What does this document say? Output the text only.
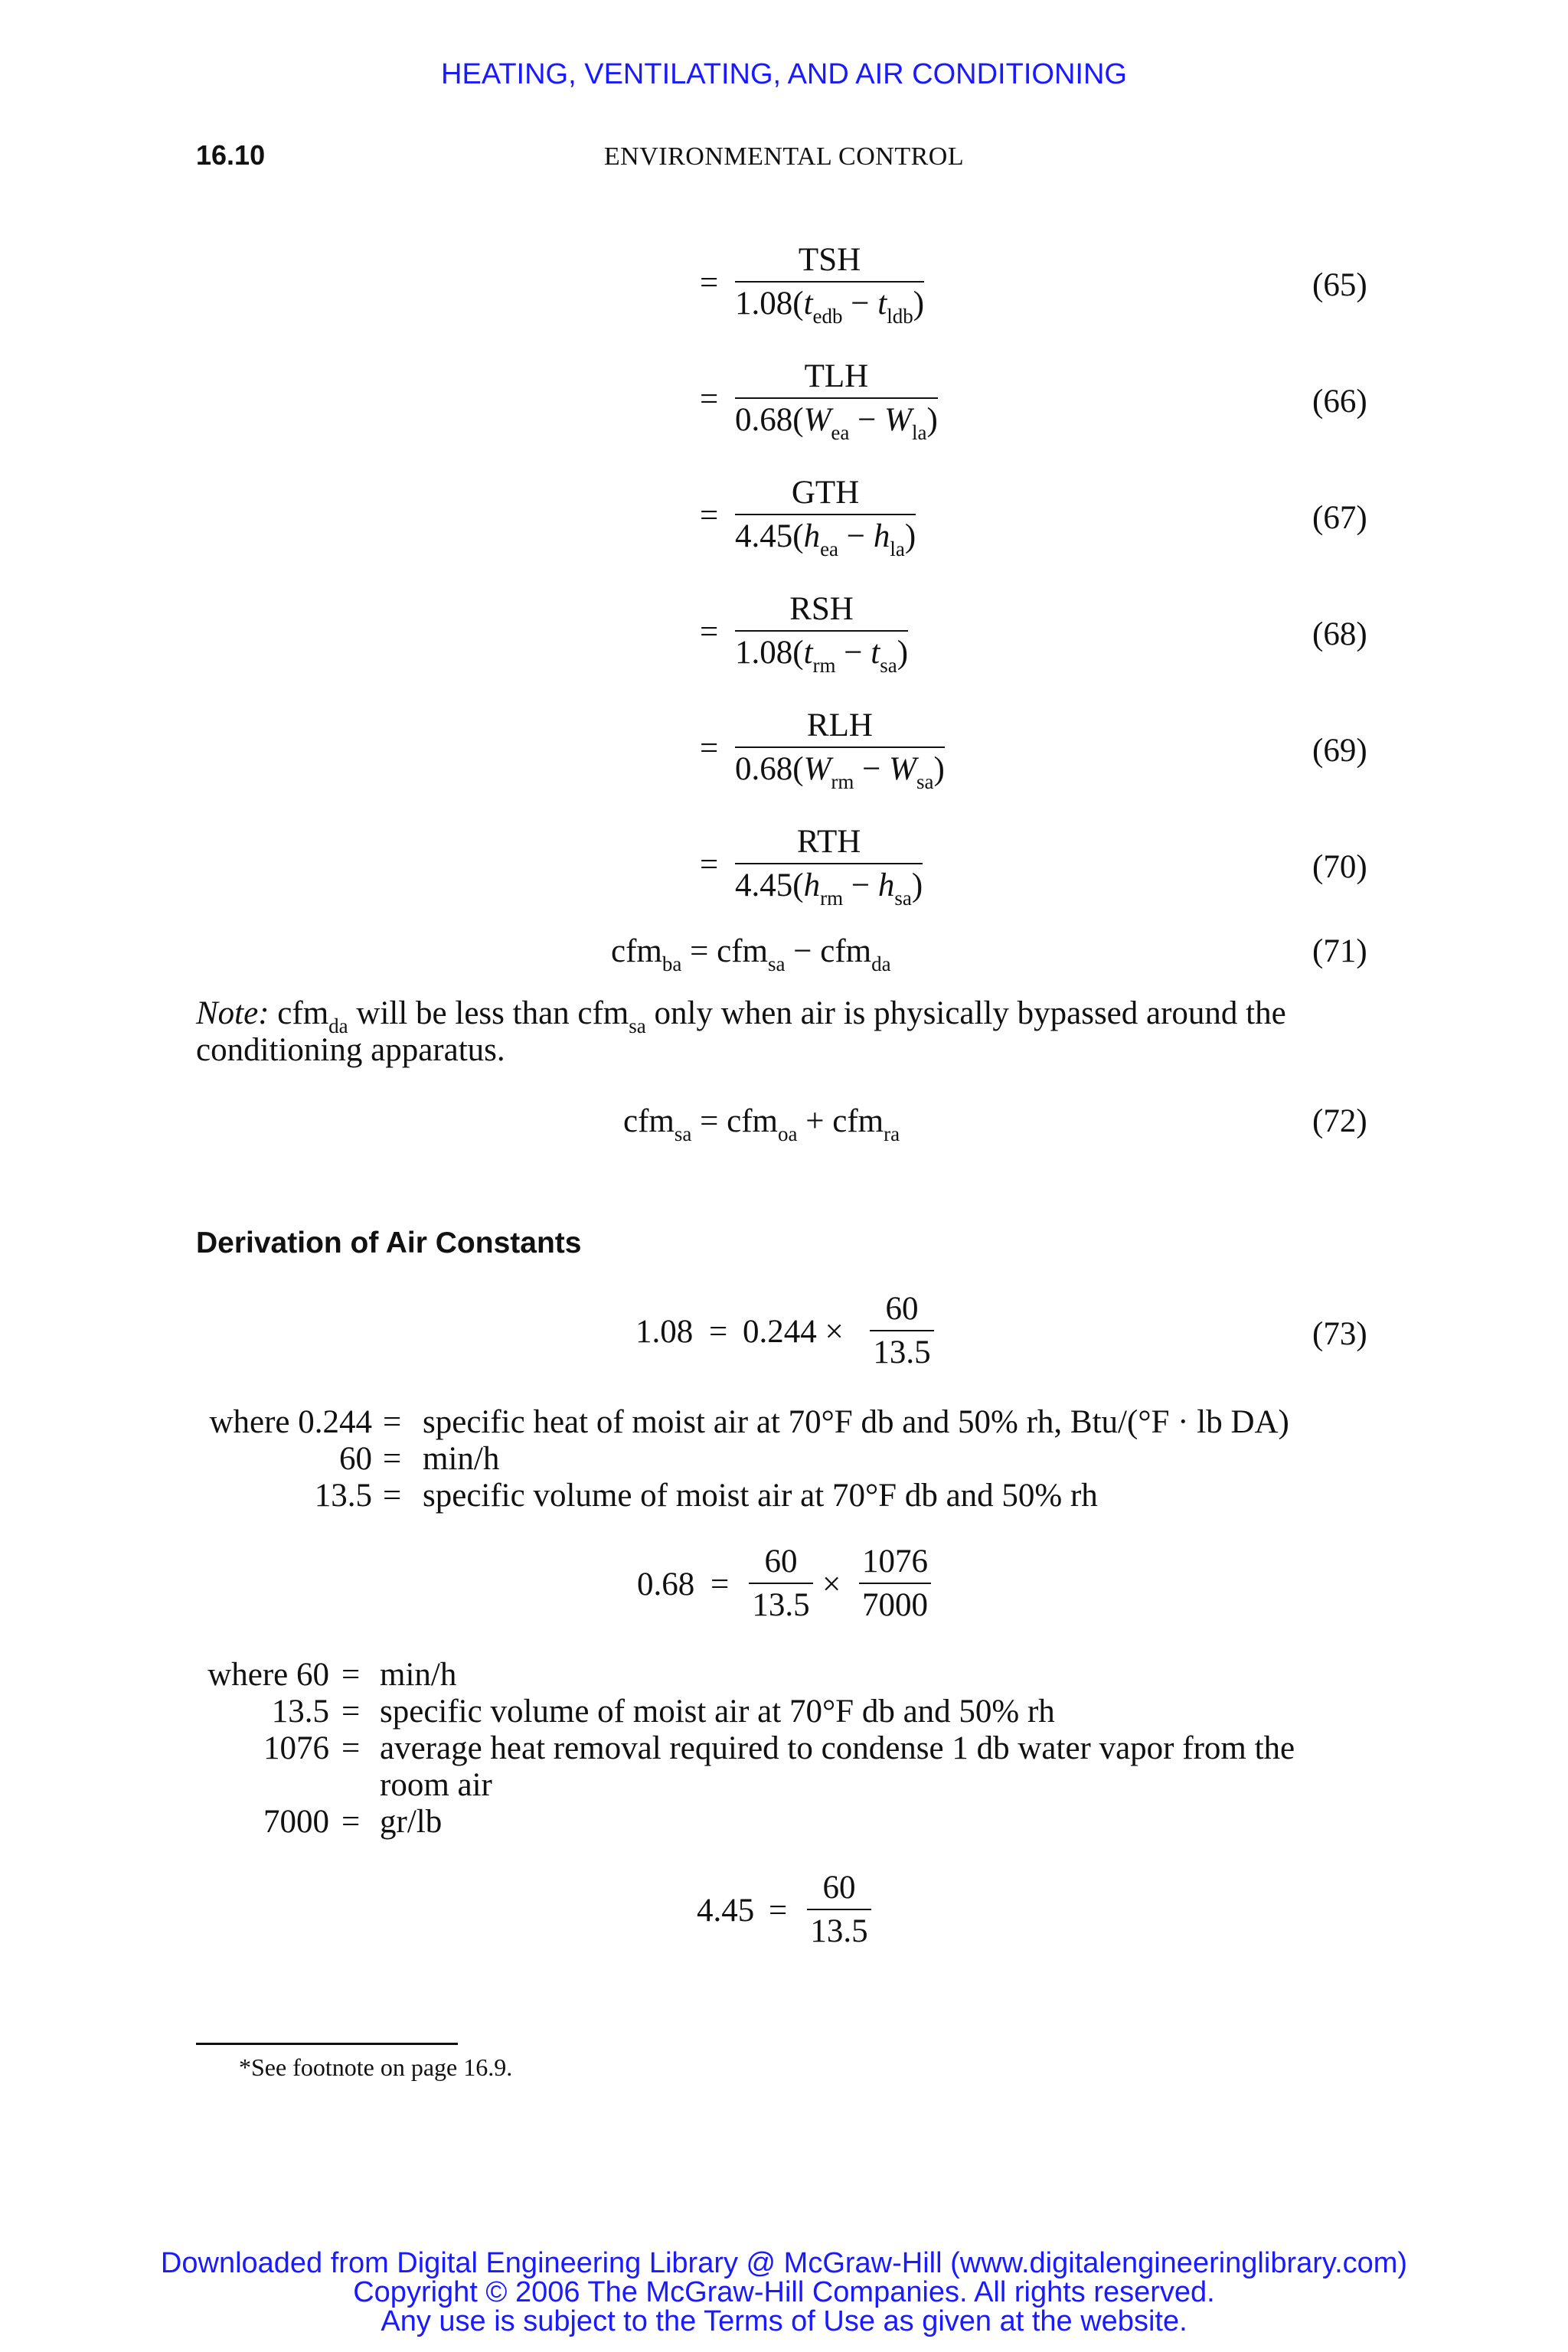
HEATING, VENTILATING, AND AIR CONDITIONING
16.10	ENVIRONMENTAL CONTROL
=
TSH
$1.08(t_{edb} - t_{ldb})$
(65)
=
TLH
$0.68(W_{ea} - W_{la})$
(66)
=
GTH
$4.45(h_{ea} - h_{la})$
(67)
=
RSH
$1.08(t_{rm} - t_{sa})$
(68)
=
RLH
$0.68(W_{rm} - W_{sa})$
(69)
=
RTH
$4.45(h_{rm} - h_{sa})$
(70)
cfm$_{ba}$ = cfm$_{sa}$ − cfm$_{da}$	(71)
Note: cfm$_{da}$ will be less than cfm$_{sa}$ only when air is physically bypassed around the
conditioning apparatus.
cfm$_{sa}$ = cfm$_{oa}$ + cfm$_{ra}$	(72)
Derivation of Air Constants
1.08 = 0.244 ×
60
13.5
(73)
where 0.244 = specific heat of moist air at 70°F db and 50% rh, Btu/(°F · lb DA)
60 = min/h
13.5 = specific volume of moist air at 70°F db and 50% rh
0.68 =
60
13.5
×
1076
7000
where 60 = min/h
13.5 = specific volume of moist air at 70°F db and 50% rh
1076 = average heat removal required to condense 1 db water vapor from the
room air
7000 = gr/lb
4.45 =
60
13.5
*See footnote on page 16.9.
Downloaded from Digital Engineering Library @ McGraw-Hill (www.digitalengineeringlibrary.com)
Copyright © 2006 The McGraw-Hill Companies. All rights reserved.
Any use is subject to the Terms of Use as given at the website.
